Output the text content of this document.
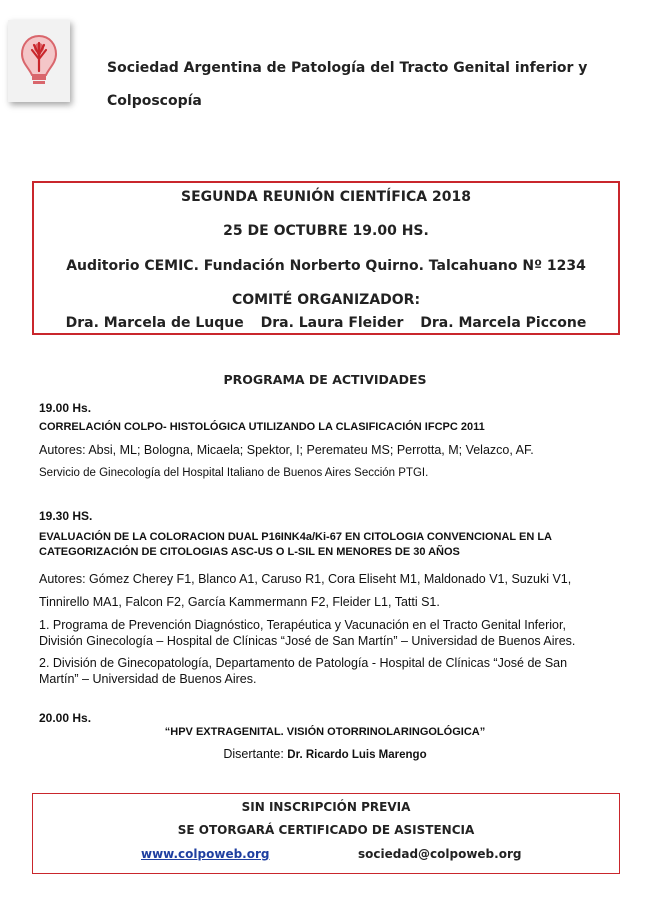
Sociedad Argentina de Patología del Tracto Genital inferior y
Colposcopía
SEGUNDA REUNIÓN CIENTÍFICA 2018
25 DE OCTUBRE 19.00 HS.
Auditorio CEMIC. Fundación Norberto Quirno. Talcahuano Nº 1234
COMITÉ ORGANIZADOR:
Dra. Marcela de Luque Dra. Laura Fleider Dra. Marcela Piccone
PROGRAMA DE ACTIVIDADES
19.00 Hs.
CORRELACIÓN COLPO- HISTOLÓGICA UTILIZANDO LA CLASIFICACIÓN IFCPC 2011
Autores: Absi, ML; Bologna, Micaela; Spektor, I; Peremateu MS; Perrotta, M; Velazco, AF.
Servicio de Ginecología del Hospital Italiano de Buenos Aires Sección PTGI.
19.30 HS.
EVALUACIÓN DE LA COLORACION DUAL P16INK4a/Ki-67 EN CITOLOGIA CONVENCIONAL EN LA
CATEGORIZACIÓN DE CITOLOGIAS ASC-US O L-SIL EN MENORES DE 30 AÑOS
Autores: Gómez Cherey F1, Blanco A1, Caruso R1, Cora Eliseht M1, Maldonado V1, Suzuki V1,
Tinnirello MA1, Falcon F2, García Kammermann F2, Fleider L1, Tatti S1.
1. Programa de Prevención Diagnóstico, Terapéutica y Vacunación en el Tracto Genital Inferior,
División Ginecología – Hospital de Clínicas “José de San Martín” – Universidad de Buenos Aires.
2. División de Ginecopatología, Departamento de Patología - Hospital de Clínicas “José de San
Martín” – Universidad de Buenos Aires.
20.00 Hs.
“HPV EXTRAGENITAL. VISIÓN OTORRINOLARINGOLÓGICA”
Disertante: Dr. Ricardo Luis Marengo
SIN INSCRIPCIÓN PREVIA
SE OTORGARÁ CERTIFICADO DE ASISTENCIA
www.colpoweb.org	sociedad@colpoweb.org
